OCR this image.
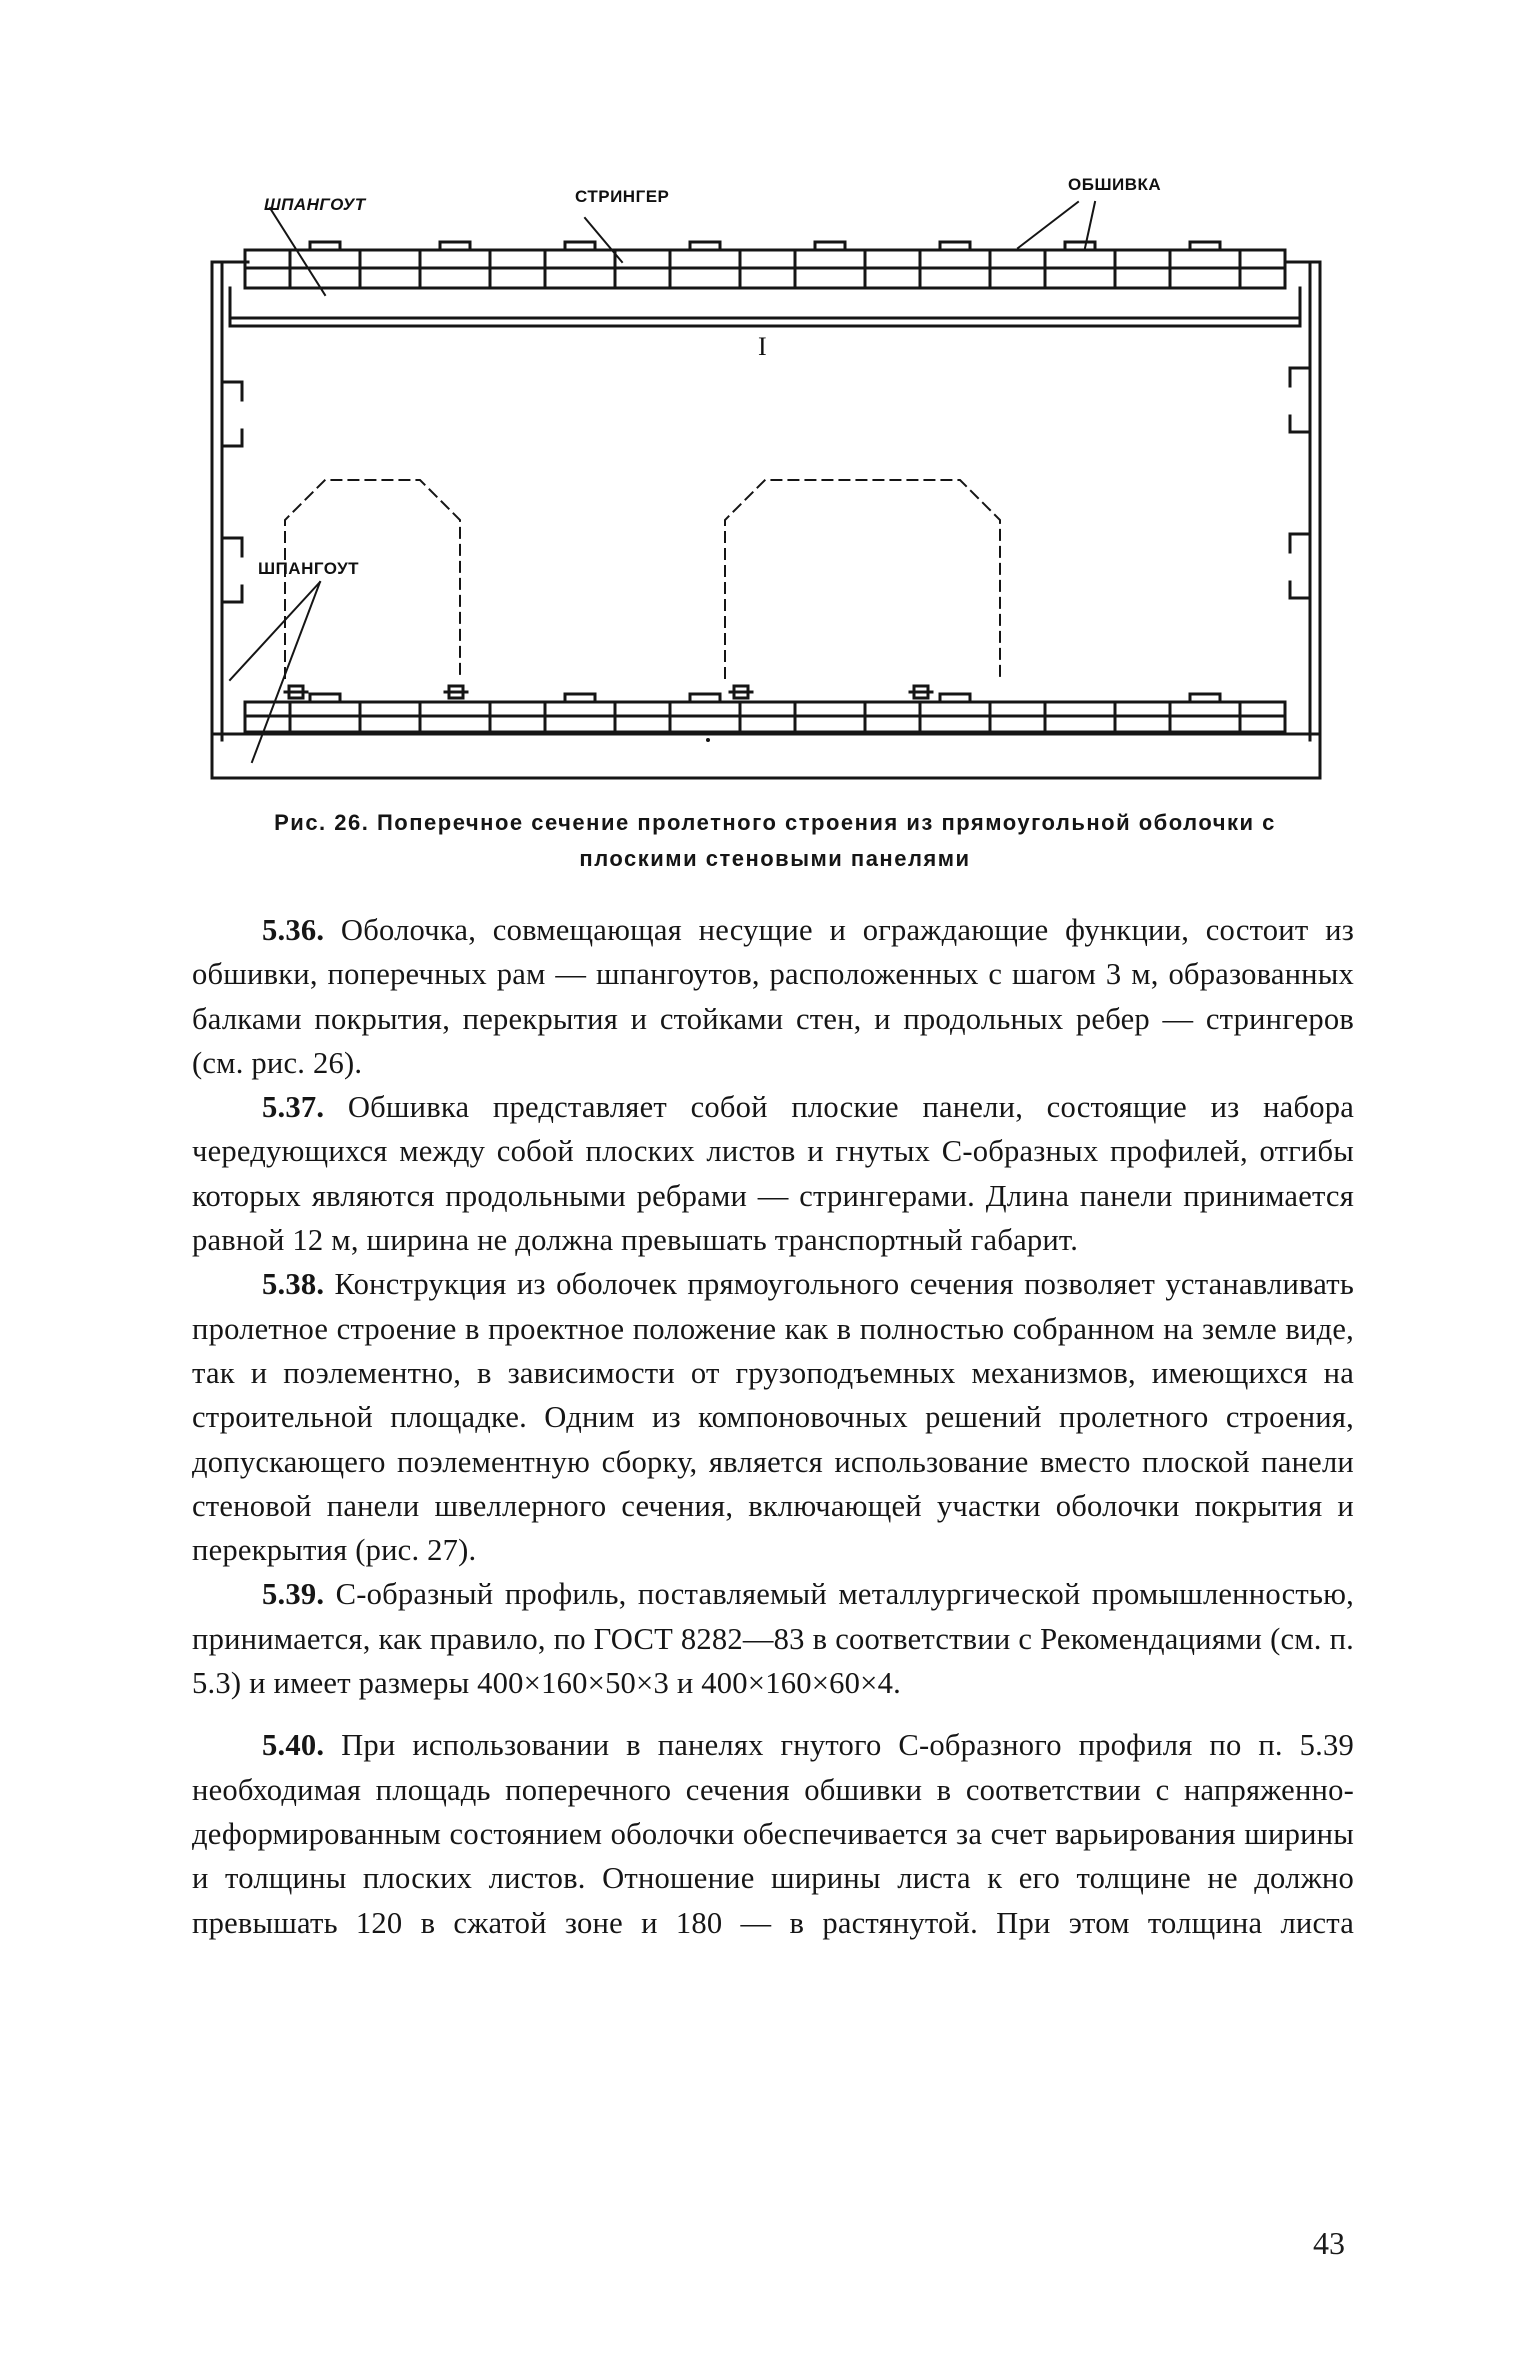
I
ШПАНГОУТ	СТРИНГЕР
ОБШИВКА
ШПАНГОУТ
Рис. 26. Поперечное сечение пролетного строения из прямоугольной оболочки с
плоскими стеновыми панелями

5.36. Оболочка, совмещающая несущие и ограждающие функции, состоит из обшивки, поперечных рам — шпангоутов, расположенных с шагом 3 м, образованных балками покрытия, перекрытия и стойками стен, и продольных ребер — стрингеров (см. рис. 26).

5.37. Обшивка представляет собой плоские панели, состоящие из набора чередующихся между собой плоских листов и гнутых С-образных профилей, отгибы которых являются продольными ребрами — стрингерами. Длина панели принимается равной 12 м, ширина не должна превышать транспортный габарит.

5.38. Конструкция из оболочек прямоугольного сечения позволяет устанавливать пролетное строение в проектное положение как в полностью собранном на земле виде, так и поэлементно, в зависимости от грузоподъемных механизмов, имеющихся на строительной площадке. Одним из компоновочных решений пролетного строения, допускающего поэлементную сборку, является использование вместо плоской панели стеновой панели швеллерного сечения, включающей участки оболочки покрытия и перекрытия (рис. 27).

5.39. С-образный профиль, поставляемый металлургической промышленностью, принимается, как правило, по ГОСТ 8282—83 в соответствии с Рекомендациями (см. п. 5.3) и имеет размеры 400×160×50×3 и 400×160×60×4.

5.40. При использовании в панелях гнутого С-образного профиля по п. 5.39 необходимая площадь поперечного сечения обшивки в соответствии с напряженно-деформированным состоянием оболочки обеспечивается за счет варьирования ширины и толщины плоских листов. Отношение ширины листа к его толщине не должно превышать 120 в сжатой зоне и 180 — в растянутой. При этом толщина листа

43
